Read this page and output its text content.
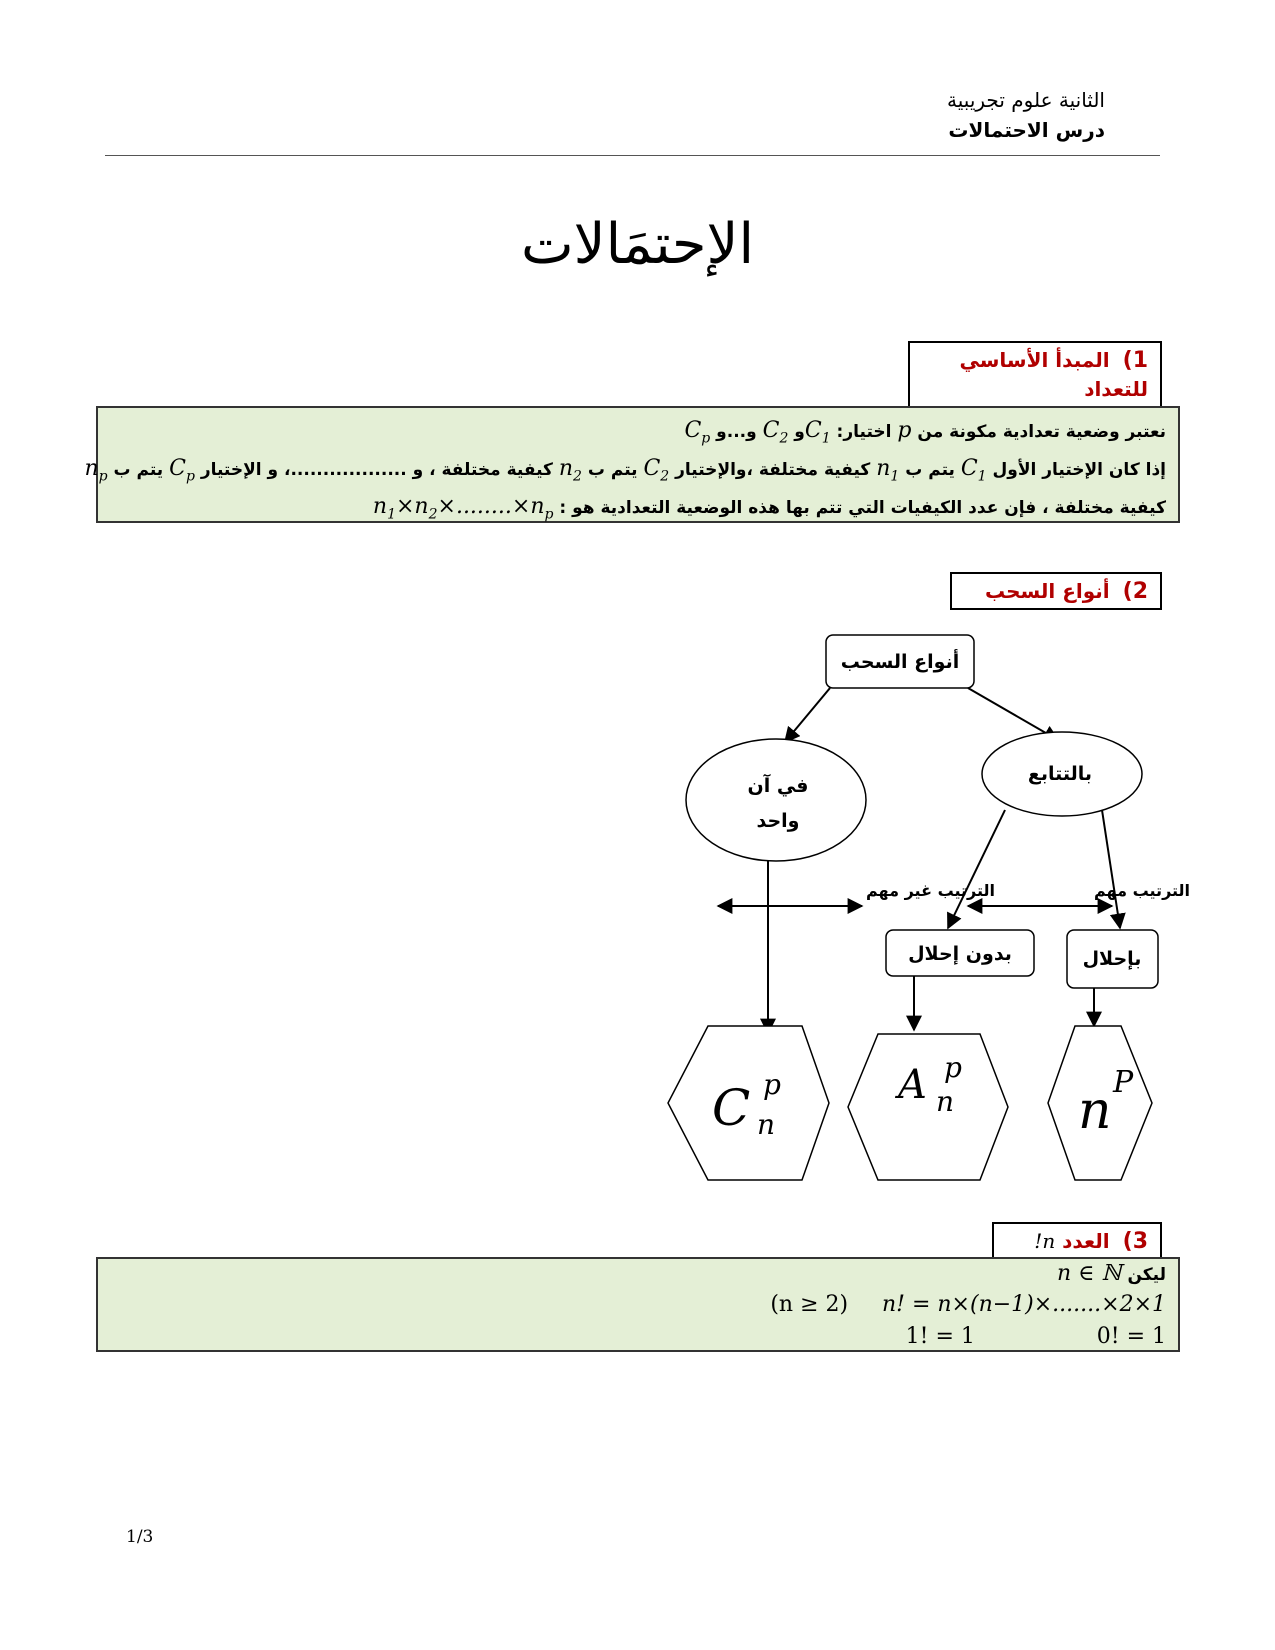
الثانية علوم تجريبية
درس الاحتمالات
الإحتمَالات
1) المبدأ الأساسي للتعداد
نعتبر وضعية تعدادية مكونة من p اختيار: $C_1و$ $C_2$ و...و $C_p$
إذا كان الإختيار الأول $C_1$ يتم ب $n_1$ كيفية مختلفة ،والإختيار $C_2$ يتم ب $n_2$ كيفية مختلفة ، و ..................، و الإختيار $C_p$ يتم ب $n_p$
كيفية مختلفة ، فإن عدد الكيفيات التي تتم بها هذه الوضعية التعدادية هو : $n_1\times n_2\times........\times n_p$
2) أنواع السحب
أنواع السحب
في آن
واحد
بالتتابع
الترتيب غير مهم	الترتيب مهم
بدون إحلال	بإحلال
C p
n
A p
n n P
3) العدد n!
ليكن n ∈ ℕ
(n ≥ 2) n! = n×(n−1)×.......×2×1
1! = 1	0! = 1
1/3
